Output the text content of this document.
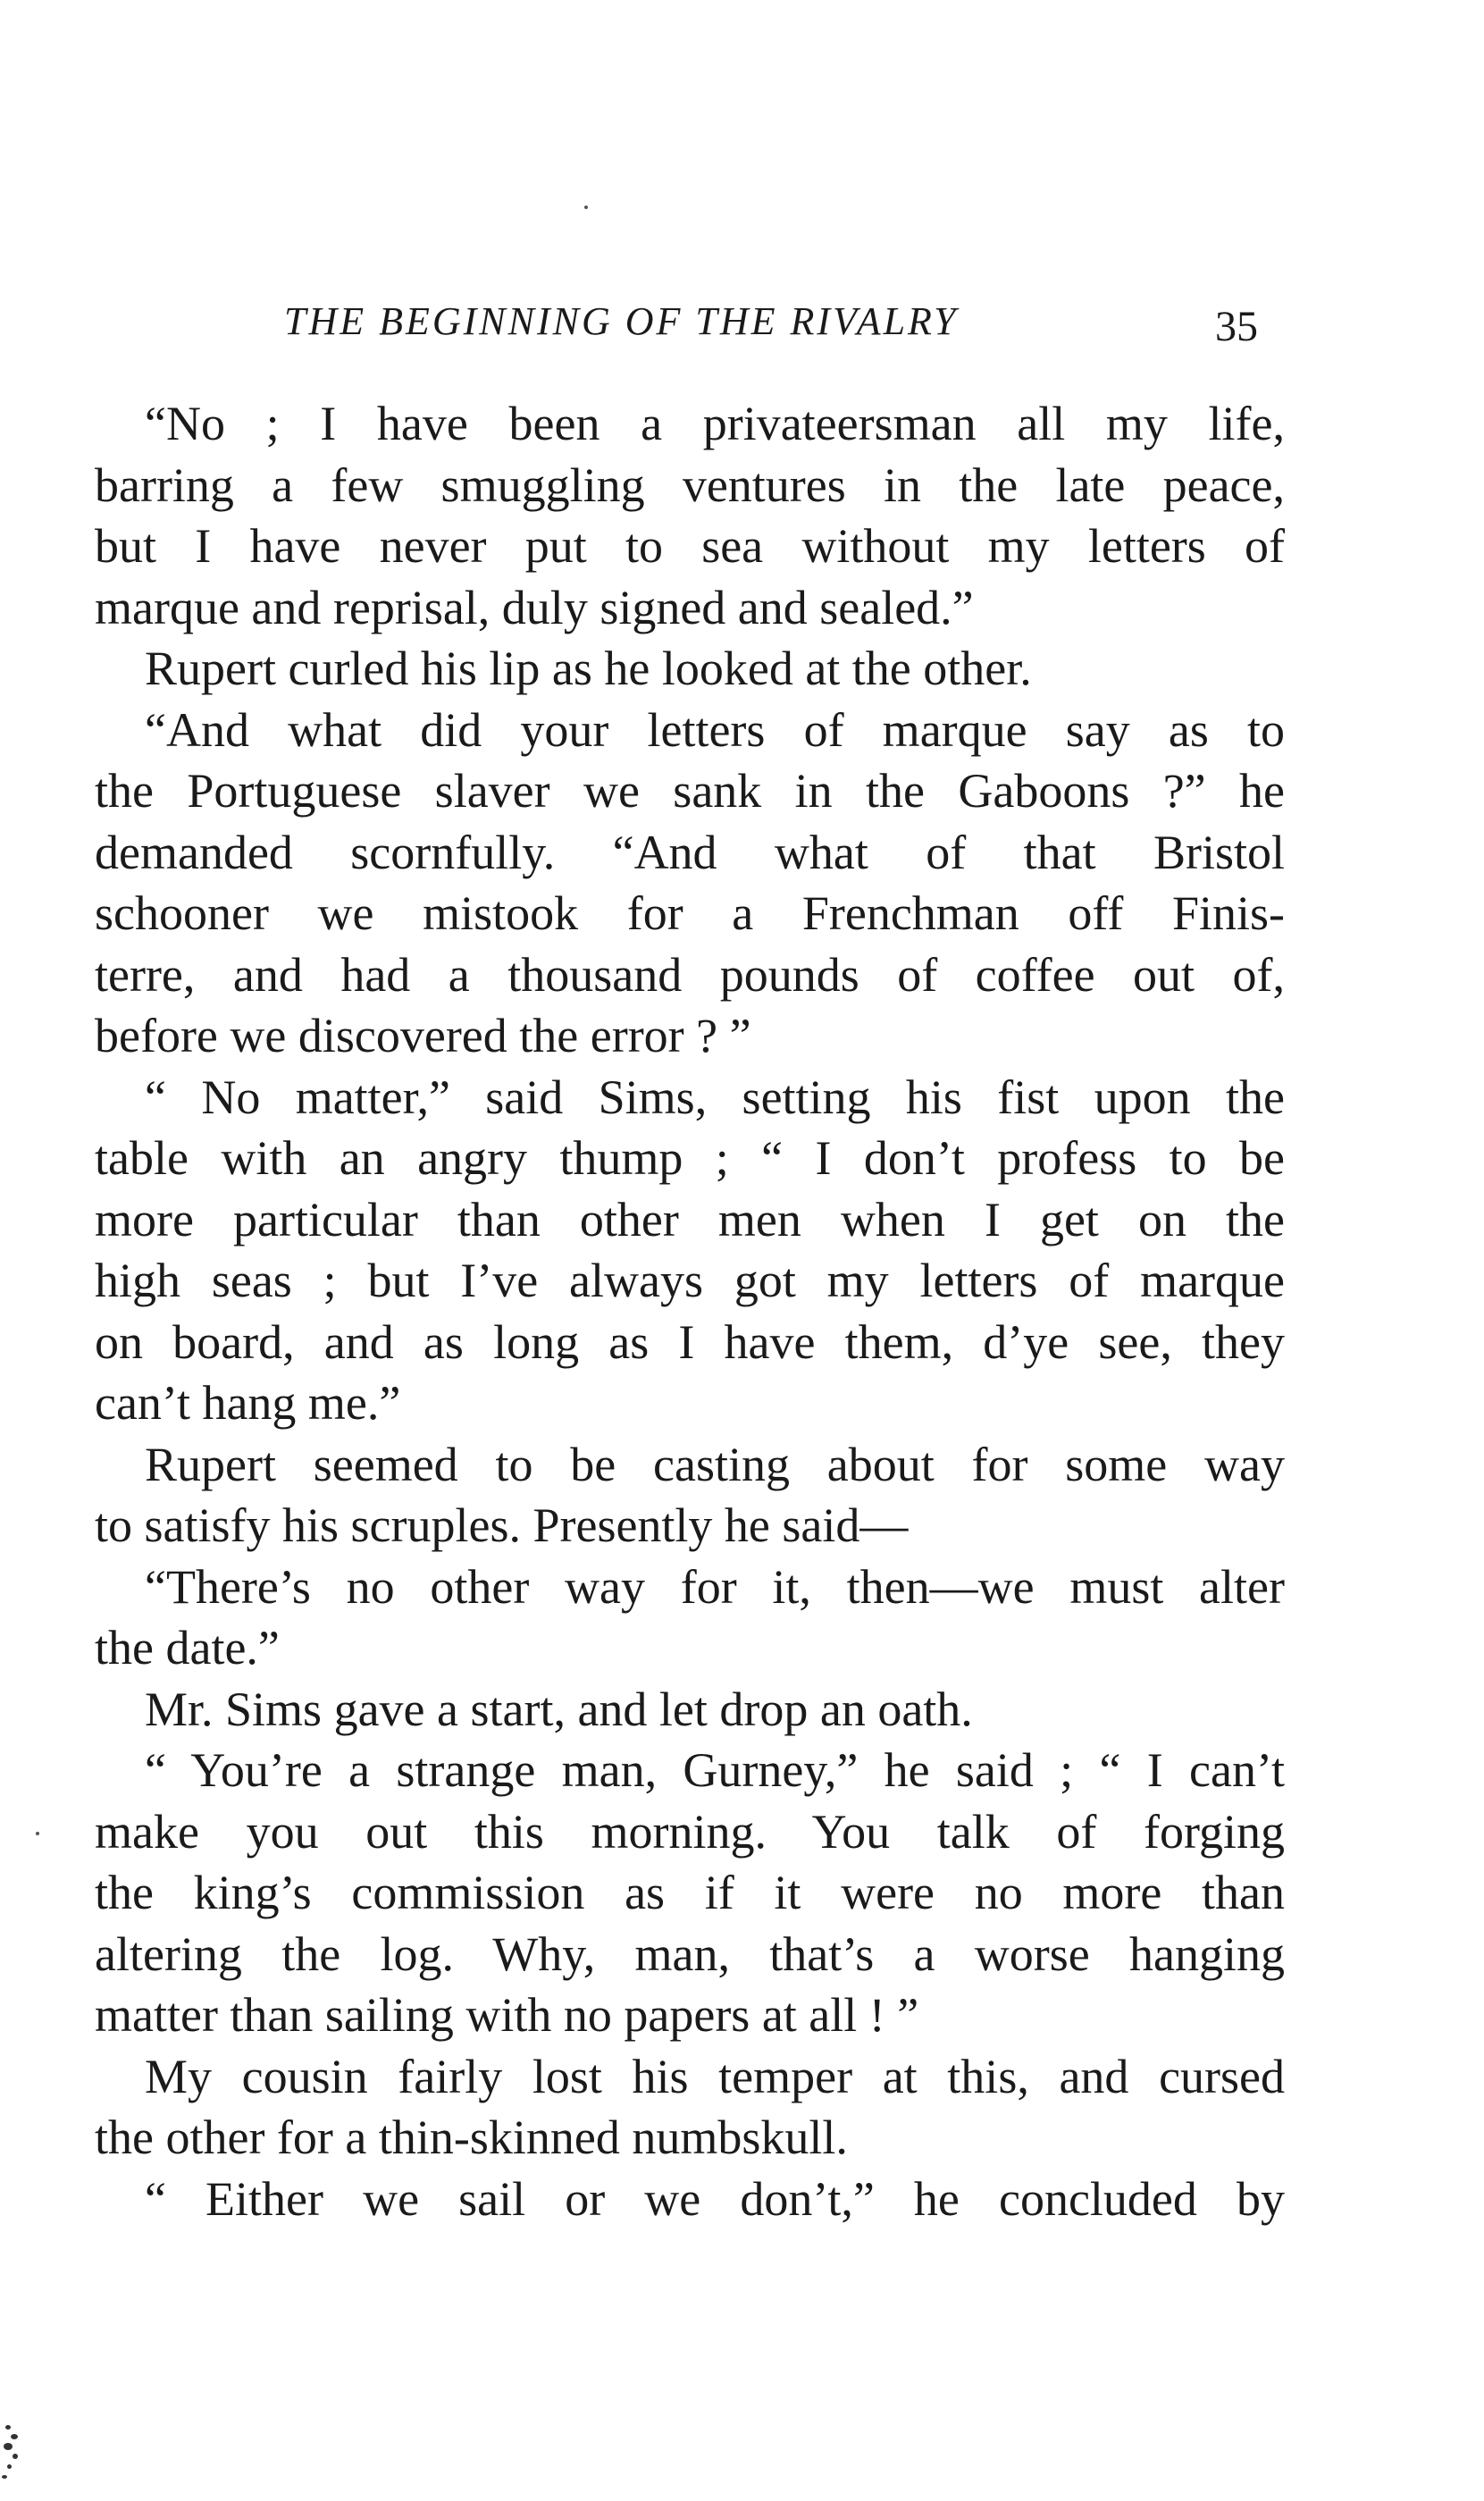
THE BEGINNING OF THE RIVALRY	35
“No ; I have been a privateersman all my life,
barring a few smuggling ventures in the late peace,
but I have never put to sea without my letters of
marque and reprisal, duly signed and sealed.”
Rupert curled his lip as he looked at the other.
“And what did your letters of marque say as to
the Portuguese slaver we sank in the Gaboons ?” he
demanded scornfully. “And what of that Bristol
schooner we mistook for a Frenchman off Finis-
terre, and had a thousand pounds of coffee out of,
before we discovered the error ? ”
“ No matter,” said Sims, setting his fist upon the
table with an angry thump ; “ I don’t profess to be
more particular than other men when I get on the
high seas ; but I’ve always got my letters of marque
on board, and as long as I have them, d’ye see, they
can’t hang me.”
Rupert seemed to be casting about for some way
to satisfy his scruples. Presently he said—
“There’s no other way for it, then—we must alter
the date.”
Mr. Sims gave a start, and let drop an oath.
“ You’re a strange man, Gurney,” he said ; “ I can’t
make you out this morning. You talk of forging
the king’s commission as if it were no more than
altering the log. Why, man, that’s a worse hanging
matter than sailing with no papers at all ! ”
My cousin fairly lost his temper at this, and cursed
the other for a thin-skinned numbskull.
“ Either we sail or we don’t,” he concluded by
